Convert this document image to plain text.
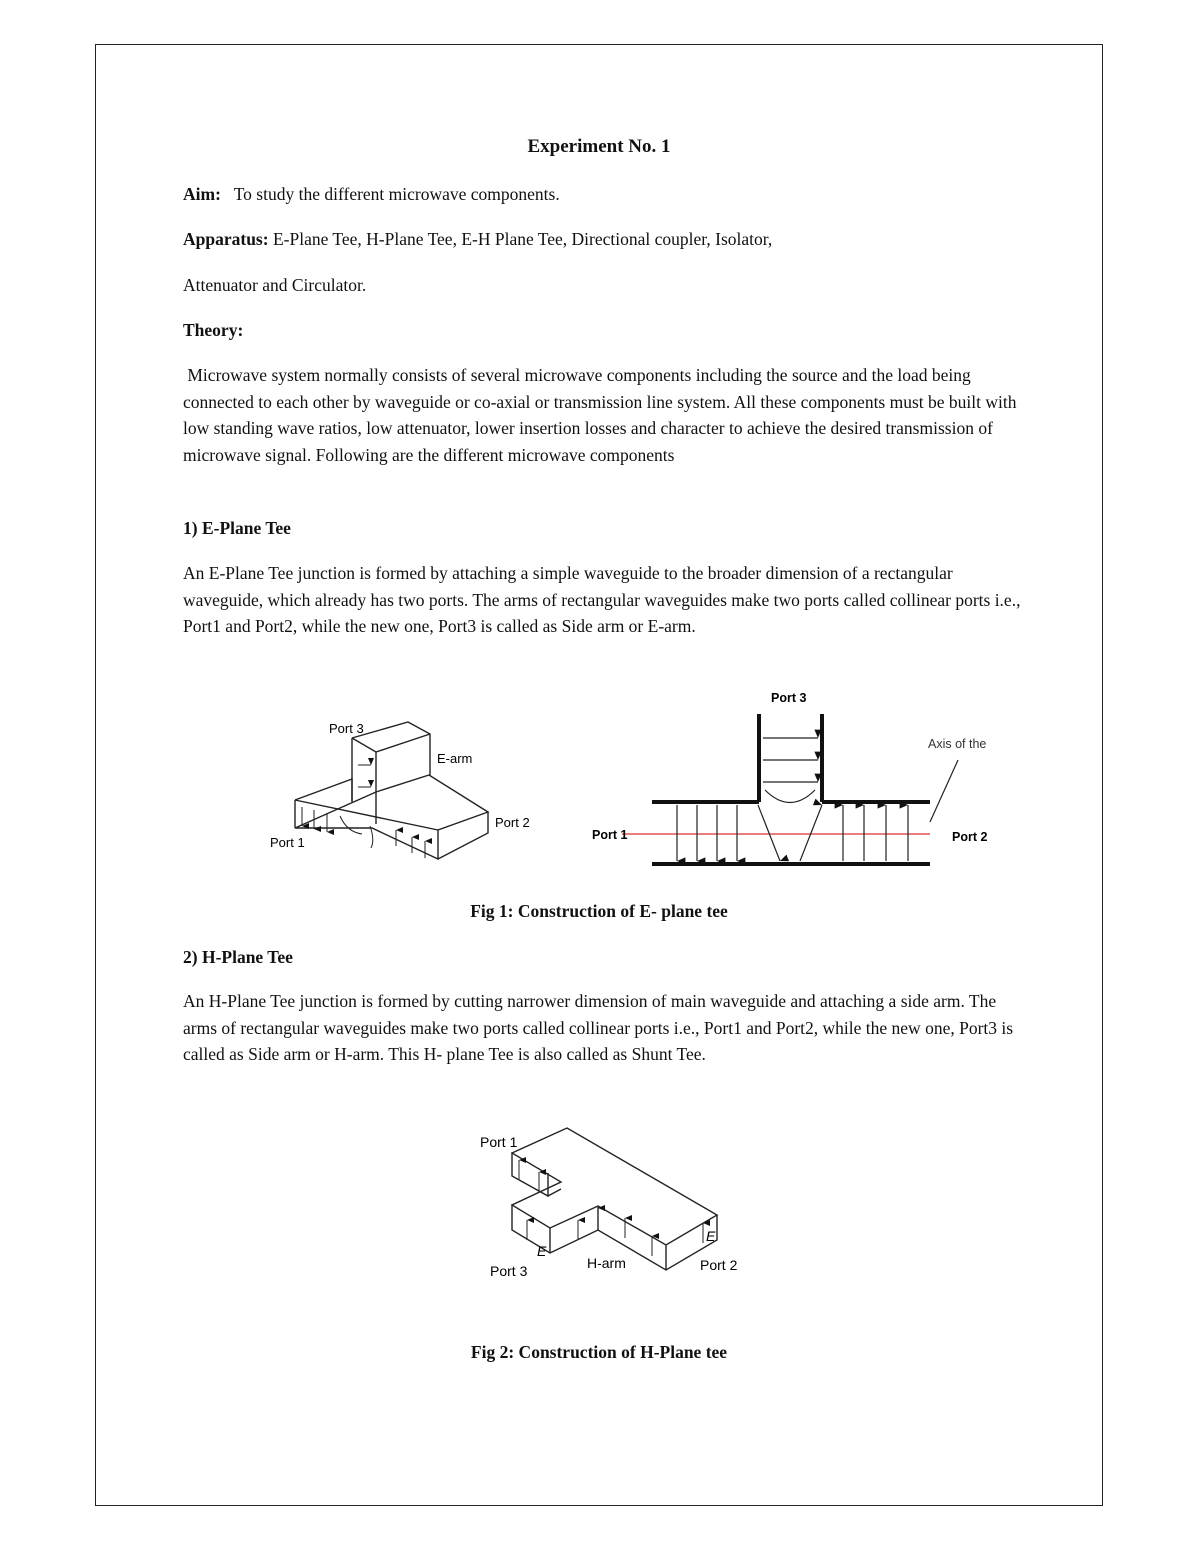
Experiment No. 1

Aim: To study the different microwave components.

Apparatus: E-Plane Tee, H-Plane Tee, E-H Plane Tee, Directional coupler, Isolator,

Attenuator and Circulator.

Theory:

Microwave system normally consists of several microwave components including the source and the load being connected to each other by waveguide or co-axial or transmission line system. All these components must be built with low standing wave ratios, low attenuator, lower insertion losses and character to achieve the desired transmission of microwave signal. Following are the different microwave components

1) E-Plane Tee

An E-Plane Tee junction is formed by attaching a simple waveguide to the broader dimension of a rectangular waveguide, which already has two ports. The arms of rectangular waveguides make two ports called collinear ports i.e., Port1 and Port2, while the new one, Port3 is called as Side arm or E-arm.

Port 3
E-arm
Port 2
Port 1
Port 3
Axis of the
Port 1	Port 2

Fig 1: Construction of E- plane tee

2) H-Plane Tee

An H-Plane Tee junction is formed by cutting narrower dimension of main waveguide and attaching a side arm. The arms of rectangular waveguides make two ports called collinear ports i.e., Port1 and Port2, while the new one, Port3 is called as Side arm or H-arm. This H- plane Tee is also called as Shunt Tee.

Port 1
Port 2
Port 3	H-arm
E
E

Fig 2: Construction of H-Plane tee
